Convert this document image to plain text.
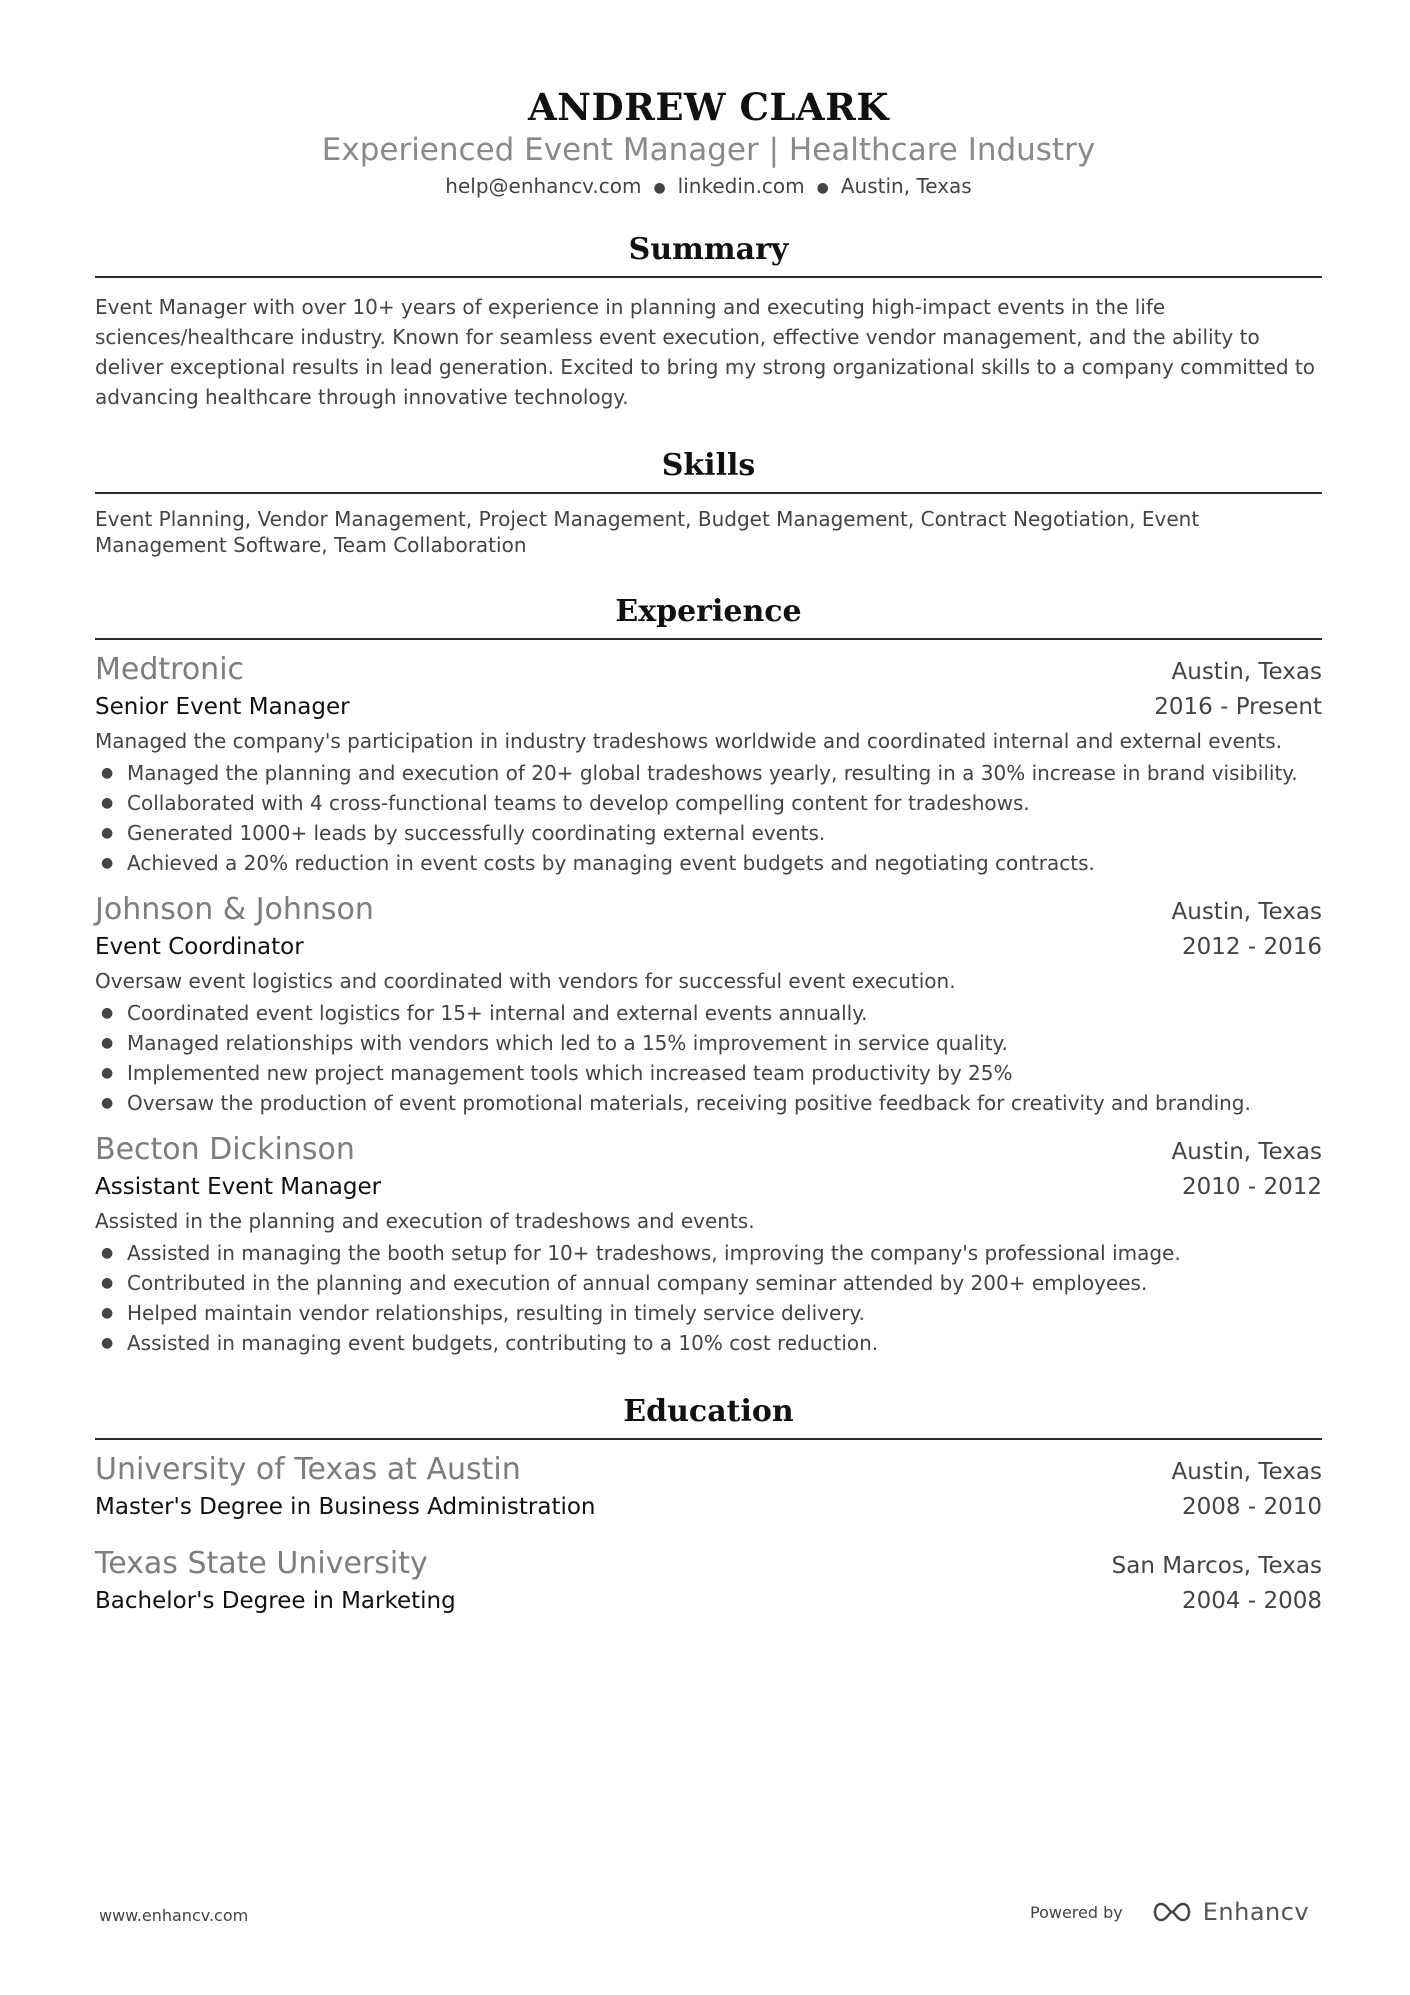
ANDREW CLARK
Experienced Event Manager | Healthcare Industry
help@enhancv.com ● linkedin.com ● Austin, Texas
Summary
Event Manager with over 10+ years of experience in planning and executing high-impact events in the life sciences/healthcare industry. Known for seamless event execution, effective vendor management, and the ability to deliver exceptional results in lead generation. Excited to bring my strong organizational skills to a company committed to advancing healthcare through innovative technology.
Skills
Event Planning, Vendor Management, Project Management, Budget Management, Contract Negotiation, Event Management Software, Team Collaboration
Experience
Medtronic	Austin, Texas
Senior Event Manager	2016 - Present
Managed the company's participation in industry tradeshows worldwide and coordinated internal and external events.
● Managed the planning and execution of 20+ global tradeshows yearly, resulting in a 30% increase in brand visibility.
● Collaborated with 4 cross-functional teams to develop compelling content for tradeshows.
● Generated 1000+ leads by successfully coordinating external events.
● Achieved a 20% reduction in event costs by managing event budgets and negotiating contracts.
Johnson & Johnson	Austin, Texas
Event Coordinator	2012 - 2016
Oversaw event logistics and coordinated with vendors for successful event execution.
● Coordinated event logistics for 15+ internal and external events annually.
● Managed relationships with vendors which led to a 15% improvement in service quality.
● Implemented new project management tools which increased team productivity by 25%
● Oversaw the production of event promotional materials, receiving positive feedback for creativity and branding.
Becton Dickinson	Austin, Texas
Assistant Event Manager	2010 - 2012
Assisted in the planning and execution of tradeshows and events.
● Assisted in managing the booth setup for 10+ tradeshows, improving the company's professional image.
● Contributed in the planning and execution of annual company seminar attended by 200+ employees.
● Helped maintain vendor relationships, resulting in timely service delivery.
● Assisted in managing event budgets, contributing to a 10% cost reduction.
Education
University of Texas at Austin	Austin, Texas
Master's Degree in Business Administration	2008 - 2010
Texas State University	San Marcos, Texas
Bachelor's Degree in Marketing	2004 - 2008
www.enhancv.com	Powered by	Enhancv
